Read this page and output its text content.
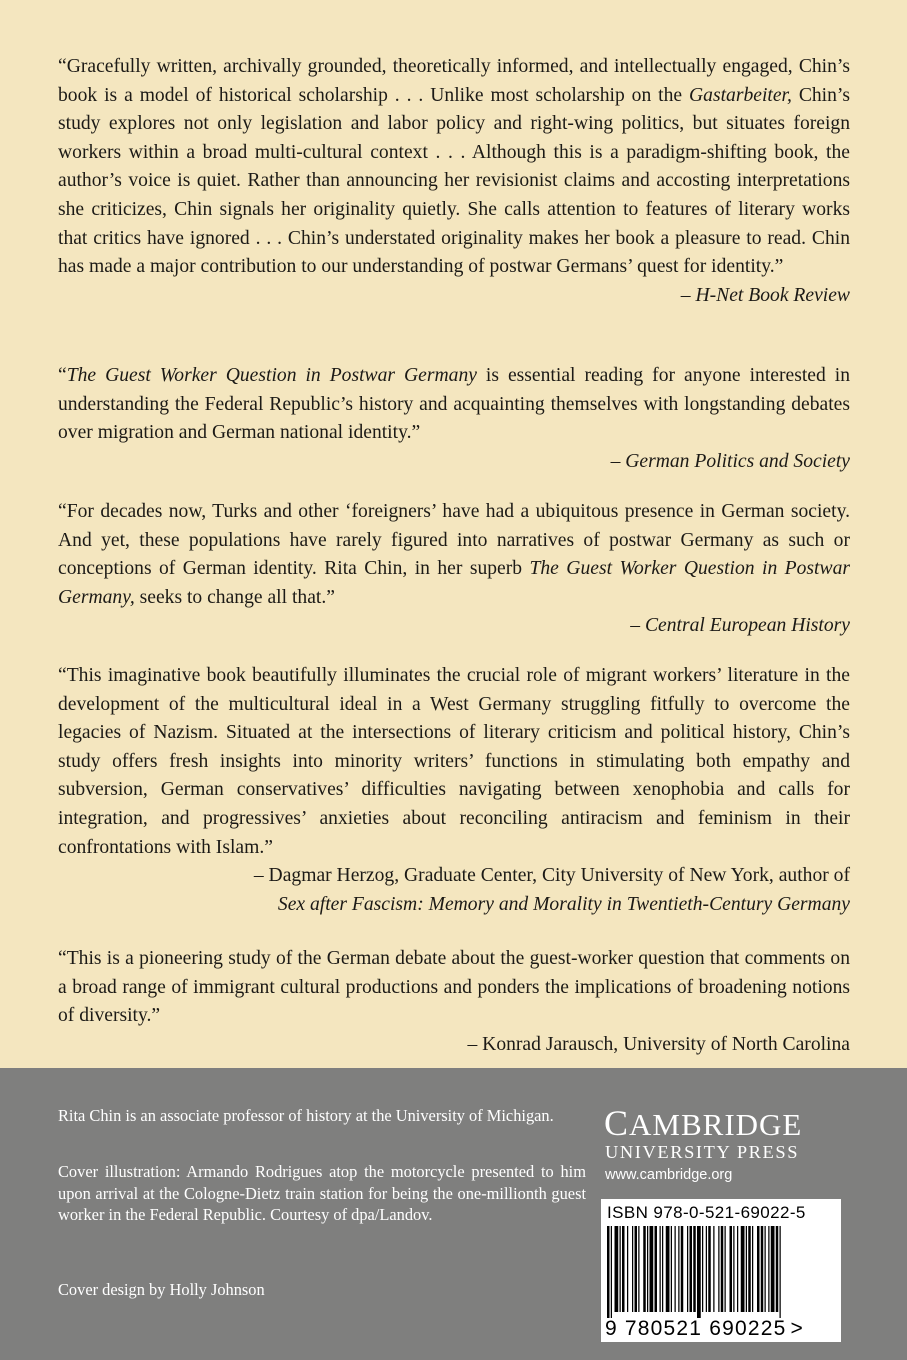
“Gracefully written, archivally grounded, theoretically informed, and intellectually engaged, Chin’s book is a model of historical scholarship . . . Unlike most scholarship on the Gastarbeiter, Chin’s study explores not only legislation and labor policy and right-wing politics, but situates foreign workers within a broad multi-cultural context . . . Although this is a paradigm-shifting book, the author’s voice is quiet. Rather than announcing her revisionist claims and accosting interpretations she criticizes, Chin signals her originality quietly. She calls attention to features of literary works that critics have ignored . . . Chin’s understated originality makes her book a pleasure to read. Chin has made a major contribution to our understanding of postwar Germans’ quest for identity.”

– H-Net Book Review

“The Guest Worker Question in Postwar Germany is essential reading for anyone interested in understanding the Federal Republic’s history and acquainting themselves with longstanding debates over migration and German national identity.”

– German Politics and Society

“For decades now, Turks and other ‘foreigners’ have had a ubiquitous presence in German society. And yet, these populations have rarely figured into narratives of postwar Germany as such or conceptions of German identity. Rita Chin, in her superb The Guest Worker Question in Postwar Germany, seeks to change all that.”

– Central European History

“This imaginative book beautifully illuminates the crucial role of migrant workers’ literature in the development of the multicultural ideal in a West Germany struggling fitfully to overcome the legacies of Nazism. Situated at the intersections of literary criticism and political history, Chin’s study offers fresh insights into minority writers’ functions in stimulating both empathy and subversion, German conservatives’ difficulties navigating between xenophobia and calls for integration, and progressives’ anxieties about reconciling antiracism and feminism in their confrontations with Islam.”

– Dagmar Herzog, Graduate Center, City University of New York, author of

Sex after Fascism: Memory and Morality in Twentieth-Century Germany

“This is a pioneering study of the German debate about the guest-worker question that comments on a broad range of immigrant cultural productions and ponders the implications of broadening notions of diversity.”

– Konrad Jarausch, University of North Carolina

Rita Chin is an associate professor of history at the University of Michigan.

Cover illustration: Armando Rodrigues atop the motorcycle presented to him upon arrival at the Cologne-Dietz train station for being the one-millionth guest worker in the Federal Republic. Courtesy of dpa/Landov.

Cover design by Holly Johnson

CAMBRIDGE
UNIVERSITY PRESS
www.cambridge.org
ISBN 978-0-521-69022-5
9 780521 690225 >
